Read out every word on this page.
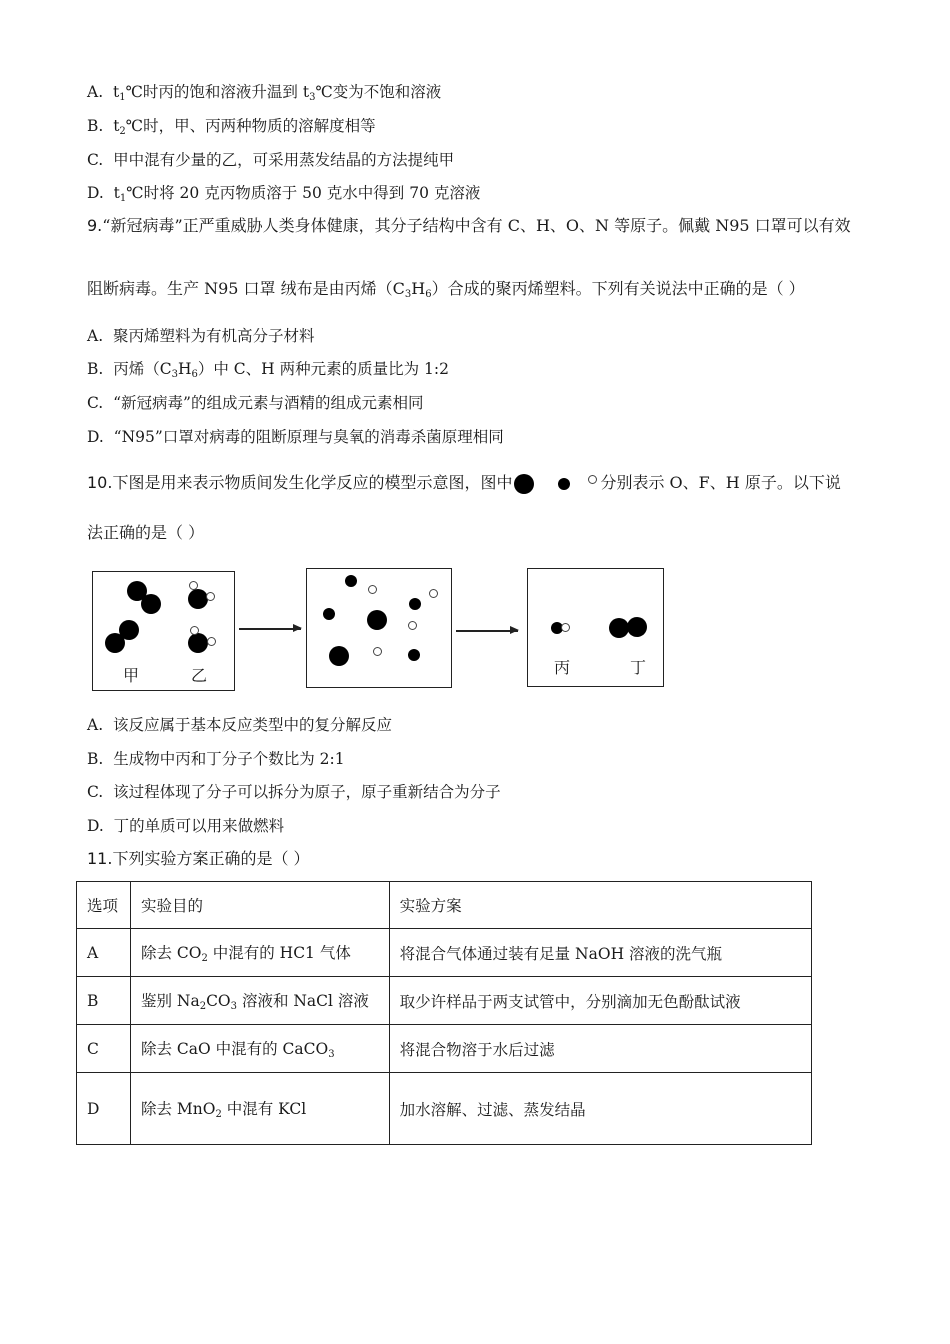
A. $t_1℃$时丙的饱和溶液升温到 $t_3℃$变为不饱和溶液
B. $t_2℃$时，甲、丙两种物质的溶解度相等
C. 甲中混有少量的乙，可采用蒸发结晶的方法提纯甲
D. $t_1℃$时将 20 克丙物质溶于 50 克水中得到 70 克溶液
9.“新冠病毒”正严重威胁人类身体健康，其分子结构中含有 C、H、O、N 等原子。佩戴 N95 口罩可以有效
阻断病毒。生产 N95 口罩 绒布是由丙烯$(C_3H_6)$合成的聚丙烯塑料。下列有关说法中正确的是（ ）
A. 聚丙烯塑料为有机高分子材料
B. 丙烯$(C_3H_6)$中 C、H 两种元素的质量比为 1:2
C. “新冠病毒”的组成元素与酒精的组成元素相同
D. “N95”口罩对病毒的阻断原理与臭氧的消毒杀菌原理相同
10.下图是用来表示物质间发生化学反应的模型示意图，图中	分别表示 O、F、H 原子。以下说
法正确的是（ ）
甲	乙	丙	丁
A. 该反应属于基本反应类型中的复分解反应
B. 生成物中丙和丁分子个数比为 2:1
C. 该过程体现了分子可以拆分为原子，原子重新结合为分子
D. 丁的单质可以用来做燃料
11.下列实验方案正确的是（ ）
选项	实验目的	实验方案
A	除去 $CO_2$ 中混有的 HC1 气体	将混合气体通过装有足量 NaOH 溶液的洗气瓶
B	鉴别 $Na_2CO_3$ 溶液和 NaCl 溶液	取少许样品于两支试管中，分别滴加无色酚酞试液
C	除去 CaO 中混有的 CaCO$_3$	将混合物溶于水后过滤
D	除去 MnO$_2$ 中混有 KCl	加水溶解、过滤、蒸发结晶
